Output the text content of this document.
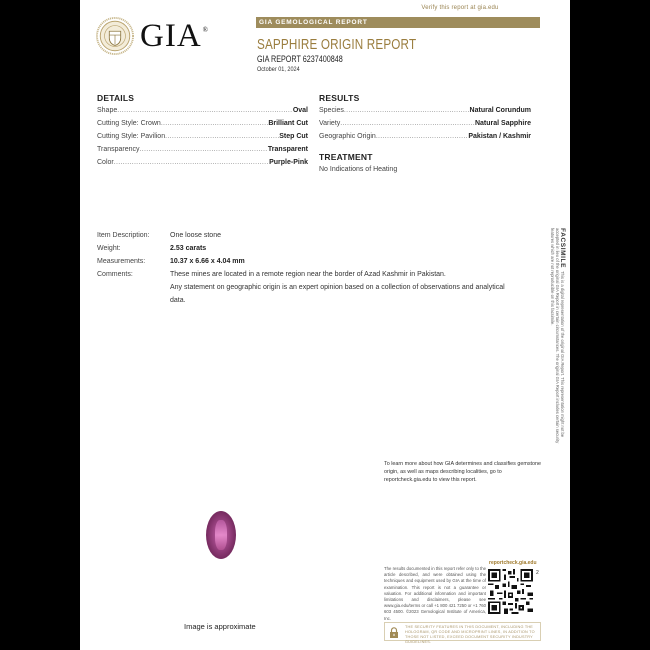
Verify this report at gia.edu
GIA®
GIA GEMOLOGICAL REPORT
SAPPHIRE ORIGIN REPORT
GIA REPORT 6237400848
October 01, 2024
DETAILS
Shape .....	Oval
Cutting Style: Crown .....	Brilliant Cut
Cutting Style: Pavilion .....	Step Cut
Transparency .....	Transparent
Color .....	Purple-Pink
RESULTS
Species .....	Natural Corundum
Variety .....	Natural Sapphire
Geographic Origin .....	Pakistan / Kashmir
TREATMENT
No Indications of Heating
Item Description:	One loose stone
Weight:	2.53 carats
Measurements:	10.37 x 6.66 x 4.04 mm
Comments:	These mines are located in a remote region near the border of Azad Kashmir in Pakistan.
Any statement on geographic origin is an expert opinion based on a collection of observations and analytical
data.
FACSIMILEThis is a digital representation of the original GIA Report. This representation might not be accepted in lieu of the original GIA Report in certain circumstances. The original GIA Report includes certain security features which are not reproducible on this facsimile.
To learn more about how GIA determines and classifies gemstone origin, as well as maps describing localities, go to reportcheck.gia.edu to view this report.
Image is approximate
The results documented in this report refer only to the article described, and were obtained using the techniques and equipment used by GIA at the time of examination. This report is not a guarantee or valuation. For additional information and important limitations and disclaimers, please see www.gia.edu/terms or call +1 800 421 7250 or +1 760 603 4500. ©2023 Gemological Institute of America, Inc.
reportcheck.gia.edu
2
THE SECURITY FEATURES IN THIS DOCUMENT, INCLUDING THE HOLOGRAM, QR CODE AND MICROPRINT LINES, IN ADDITION TO THOSE NOT LISTED, EXCEED DOCUMENT SECURITY INDUSTRY GUIDELINES.
